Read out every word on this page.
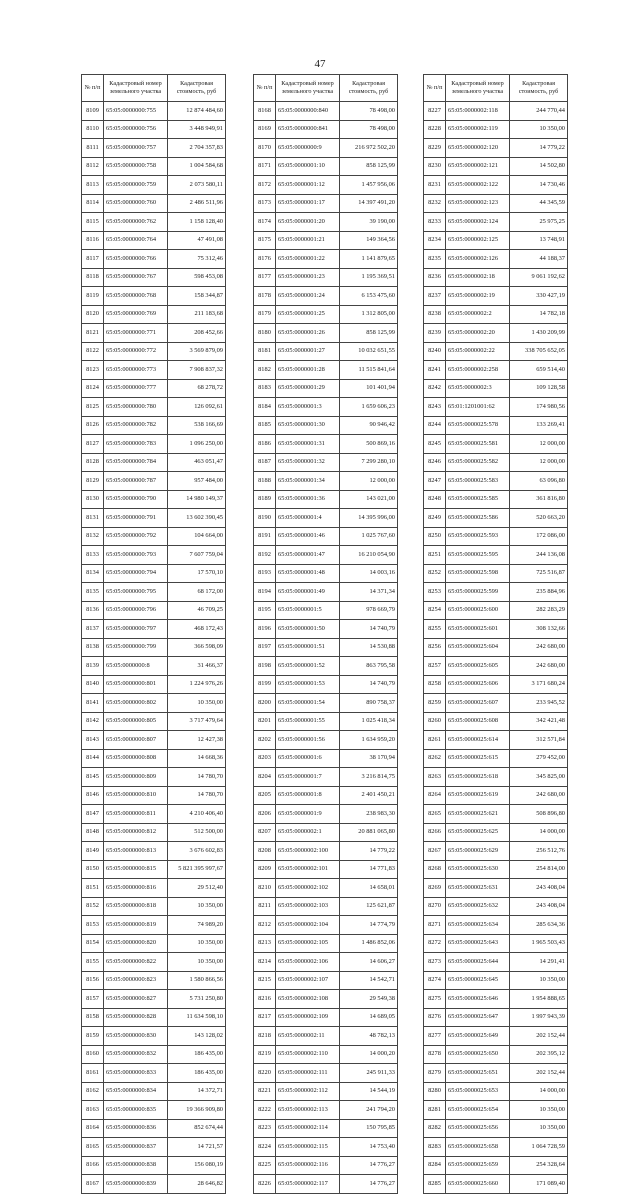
47
№ п/п	Кадастровый номер земельного участка	Кадастровая стоимость, руб
8109	65:05:0000000:755	12 874 484,60
8110	65:05:0000000:756	3 448 949,91
8111	65:05:0000000:757	2 704 357,83
8112	65:05:0000000:758	1 004 584,68
8113	65:05:0000000:759	2 073 580,11
8114	65:05:0000000:760	2 486 511,96
8115	65:05:0000000:762	1 158 128,40
8116	65:05:0000000:764	47 491,08
8117	65:05:0000000:766	75 312,46
8118	65:05:0000000:767	598 453,08
8119	65:05:0000000:768	158 344,87
8120	65:05:0000000:769	211 183,68
8121	65:05:0000000:771	208 452,66
8122	65:05:0000000:772	3 569 879,09
8123	65:05:0000000:773	7 908 837,32
8124	65:05:0000000:777	68 278,72
8125	65:05:0000000:780	126 092,61
8126	65:05:0000000:782	538 166,69
8127	65:05:0000000:783	1 096 250,00
8128	65:05:0000000:784	463 051,47
8129	65:05:0000000:787	957 484,00
8130	65:05:0000000:790	14 980 149,37
8131	65:05:0000000:791	13 602 390,45
8132	65:05:0000000:792	104 664,00
8133	65:05:0000000:793	7 607 759,04
8134	65:05:0000000:794	17 570,10
8135	65:05:0000000:795	68 172,00
8136	65:05:0000000:796	46 709,25
8137	65:05:0000000:797	468 172,43
8138	65:05:0000000:799	366 598,09
8139	65:05:0000000:8	31 466,37
8140	65:05:0000000:801	1 224 976,26
8141	65:05:0000000:802	10 350,00
8142	65:05:0000000:805	3 717 479,64
8143	65:05:0000000:807	12 427,38
8144	65:05:0000000:808	14 668,36
8145	65:05:0000000:809	14 780,70
8146	65:05:0000000:810	14 780,70
8147	65:05:0000000:811	4 210 406,40
8148	65:05:0000000:812	512 500,00
8149	65:05:0000000:813	3 676 602,83
8150	65:05:0000000:815	5 821 395 997,67
8151	65:05:0000000:816	29 512,40
8152	65:05:0000000:818	10 350,00
8153	65:05:0000000:819	74 989,20
8154	65:05:0000000:820	10 350,00
8155	65:05:0000000:822	10 350,00
8156	65:05:0000000:823	1 580 866,56
8157	65:05:0000000:827	5 731 250,80
8158	65:05:0000000:828	11 634 598,10
8159	65:05:0000000:830	143 128,02
8160	65:05:0000000:832	186 435,00
8161	65:05:0000000:833	186 435,00
8162	65:05:0000000:834	14 372,71
8163	65:05:0000000:835	19 366 909,80
8164	65:05:0000000:836	852 674,44
8165	65:05:0000000:837	14 721,57
8166	65:05:0000000:838	156 080,19
8167	65:05:0000000:839	28 646,82
№ п/п	Кадастровый номер земельного участка	Кадастровая стоимость, руб
8168	65:05:0000000:840	78 498,00
8169	65:05:0000000:841	78 498,00
8170	65:05:0000000:9	216 972 502,20
8171	65:05:0000001:10	858 125,99
8172	65:05:0000001:12	1 457 956,06
8173	65:05:0000001:17	14 397 491,20
8174	65:05:0000001:20	39 190,00
8175	65:05:0000001:21	149 364,56
8176	65:05:0000001:22	1 141 879,65
8177	65:05:0000001:23	1 195 369,51
8178	65:05:0000001:24	6 153 475,60
8179	65:05:0000001:25	1 312 805,00
8180	65:05:0000001:26	858 125,99
8181	65:05:0000001:27	10 032 651,55
8182	65:05:0000001:28	11 515 841,64
8183	65:05:0000001:29	101 401,94
8184	65:05:0000001:3	1 659 606,23
8185	65:05:0000001:30	90 946,42
8186	65:05:0000001:31	500 869,16
8187	65:05:0000001:32	7 299 280,10
8188	65:05:0000001:34	12 000,00
8189	65:05:0000001:36	143 021,00
8190	65:05:0000001:4	14 395 996,00
8191	65:05:0000001:46	1 025 767,60
8192	65:05:0000001:47	16 210 054,90
8193	65:05:0000001:48	14 003,16
8194	65:05:0000001:49	14 371,34
8195	65:05:0000001:5	978 669,79
8196	65:05:0000001:50	14 740,79
8197	65:05:0000001:51	14 530,88
8198	65:05:0000001:52	863 795,58
8199	65:05:0000001:53	14 740,79
8200	65:05:0000001:54	890 758,37
8201	65:05:0000001:55	1 025 418,34
8202	65:05:0000001:56	1 634 959,20
8203	65:05:0000001:6	38 170,94
8204	65:05:0000001:7	3 216 814,75
8205	65:05:0000001:8	2 401 450,21
8206	65:05:0000001:9	238 983,30
8207	65:05:0000002:1	20 881 065,80
8208	65:05:0000002:100	14 779,22
8209	65:05:0000002:101	14 771,83
8210	65:05:0000002:102	14 658,01
8211	65:05:0000002:103	125 621,87
8212	65:05:0000002:104	14 774,79
8213	65:05:0000002:105	1 486 852,06
8214	65:05:0000002:106	14 606,27
8215	65:05:0000002:107	14 542,71
8216	65:05:0000002:108	29 549,38
8217	65:05:0000002:109	14 689,05
8218	65:05:0000002:11	48 782,13
8219	65:05:0000002:110	14 000,20
8220	65:05:0000002:111	245 911,33
8221	65:05:0000002:112	14 544,19
8222	65:05:0000002:113	241 794,20
8223	65:05:0000002:114	150 795,85
8224	65:05:0000002:115	14 753,40
8225	65:05:0000002:116	14 776,27
8226	65:05:0000002:117	14 776,27
№ п/п	Кадастровый номер земельного участка	Кадастровая стоимость, руб
8227	65:05:0000002:118	244 770,44
8228	65:05:0000002:119	10 350,00
8229	65:05:0000002:120	14 779,22
8230	65:05:0000002:121	14 502,80
8231	65:05:0000002:122	14 730,46
8232	65:05:0000002:123	44 345,59
8233	65:05:0000002:124	25 975,25
8234	65:05:0000002:125	13 748,91
8235	65:05:0000002:126	44 188,37
8236	65:05:0000002:18	9 061 192,62
8237	65:05:0000002:19	330 427,19
8238	65:05:0000002:2	14 782,18
8239	65:05:0000002:20	1 430 209,99
8240	65:05:0000002:22	338 705 652,05
8241	65:05:0000002:258	659 514,40
8242	65:05:0000002:3	109 128,58
8243	65:01:1201001:62	174 980,56
8244	65:05:0000025:578	133 269,41
8245	65:05:0000025:581	12 000,00
8246	65:05:0000025:582	12 000,00
8247	65:05:0000025:583	63 096,80
8248	65:05:0000025:585	361 816,80
8249	65:05:0000025:586	520 663,20
8250	65:05:0000025:593	172 086,00
8251	65:05:0000025:595	244 136,08
8252	65:05:0000025:598	725 516,87
8253	65:05:0000025:599	235 884,96
8254	65:05:0000025:600	282 283,29
8255	65:05:0000025:601	308 132,66
8256	65:05:0000025:604	242 680,00
8257	65:05:0000025:605	242 680,00
8258	65:05:0000025:606	3 171 680,24
8259	65:05:0000025:607	233 945,52
8260	65:05:0000025:608	342 421,48
8261	65:05:0000025:614	312 571,84
8262	65:05:0000025:615	279 452,00
8263	65:05:0000025:618	345 825,00
8264	65:05:0000025:619	242 680,00
8265	65:05:0000025:621	508 896,80
8266	65:05:0000025:625	14 000,00
8267	65:05:0000025:629	256 512,76
8268	65:05:0000025:630	254 814,00
8269	65:05:0000025:631	243 408,04
8270	65:05:0000025:632	243 408,04
8271	65:05:0000025:634	285 634,36
8272	65:05:0000025:643	1 965 503,43
8273	65:05:0000025:644	14 291,41
8274	65:05:0000025:645	10 350,00
8275	65:05:0000025:646	1 954 888,65
8276	65:05:0000025:647	1 997 943,39
8277	65:05:0000025:649	202 152,44
8278	65:05:0000025:650	202 395,12
8279	65:05:0000025:651	202 152,44
8280	65:05:0000025:653	14 000,00
8281	65:05:0000025:654	10 350,00
8282	65:05:0000025:656	10 350,00
8283	65:05:0000025:658	1 064 728,59
8284	65:05:0000025:659	254 328,64
8285	65:05:0000025:660	171 089,40
